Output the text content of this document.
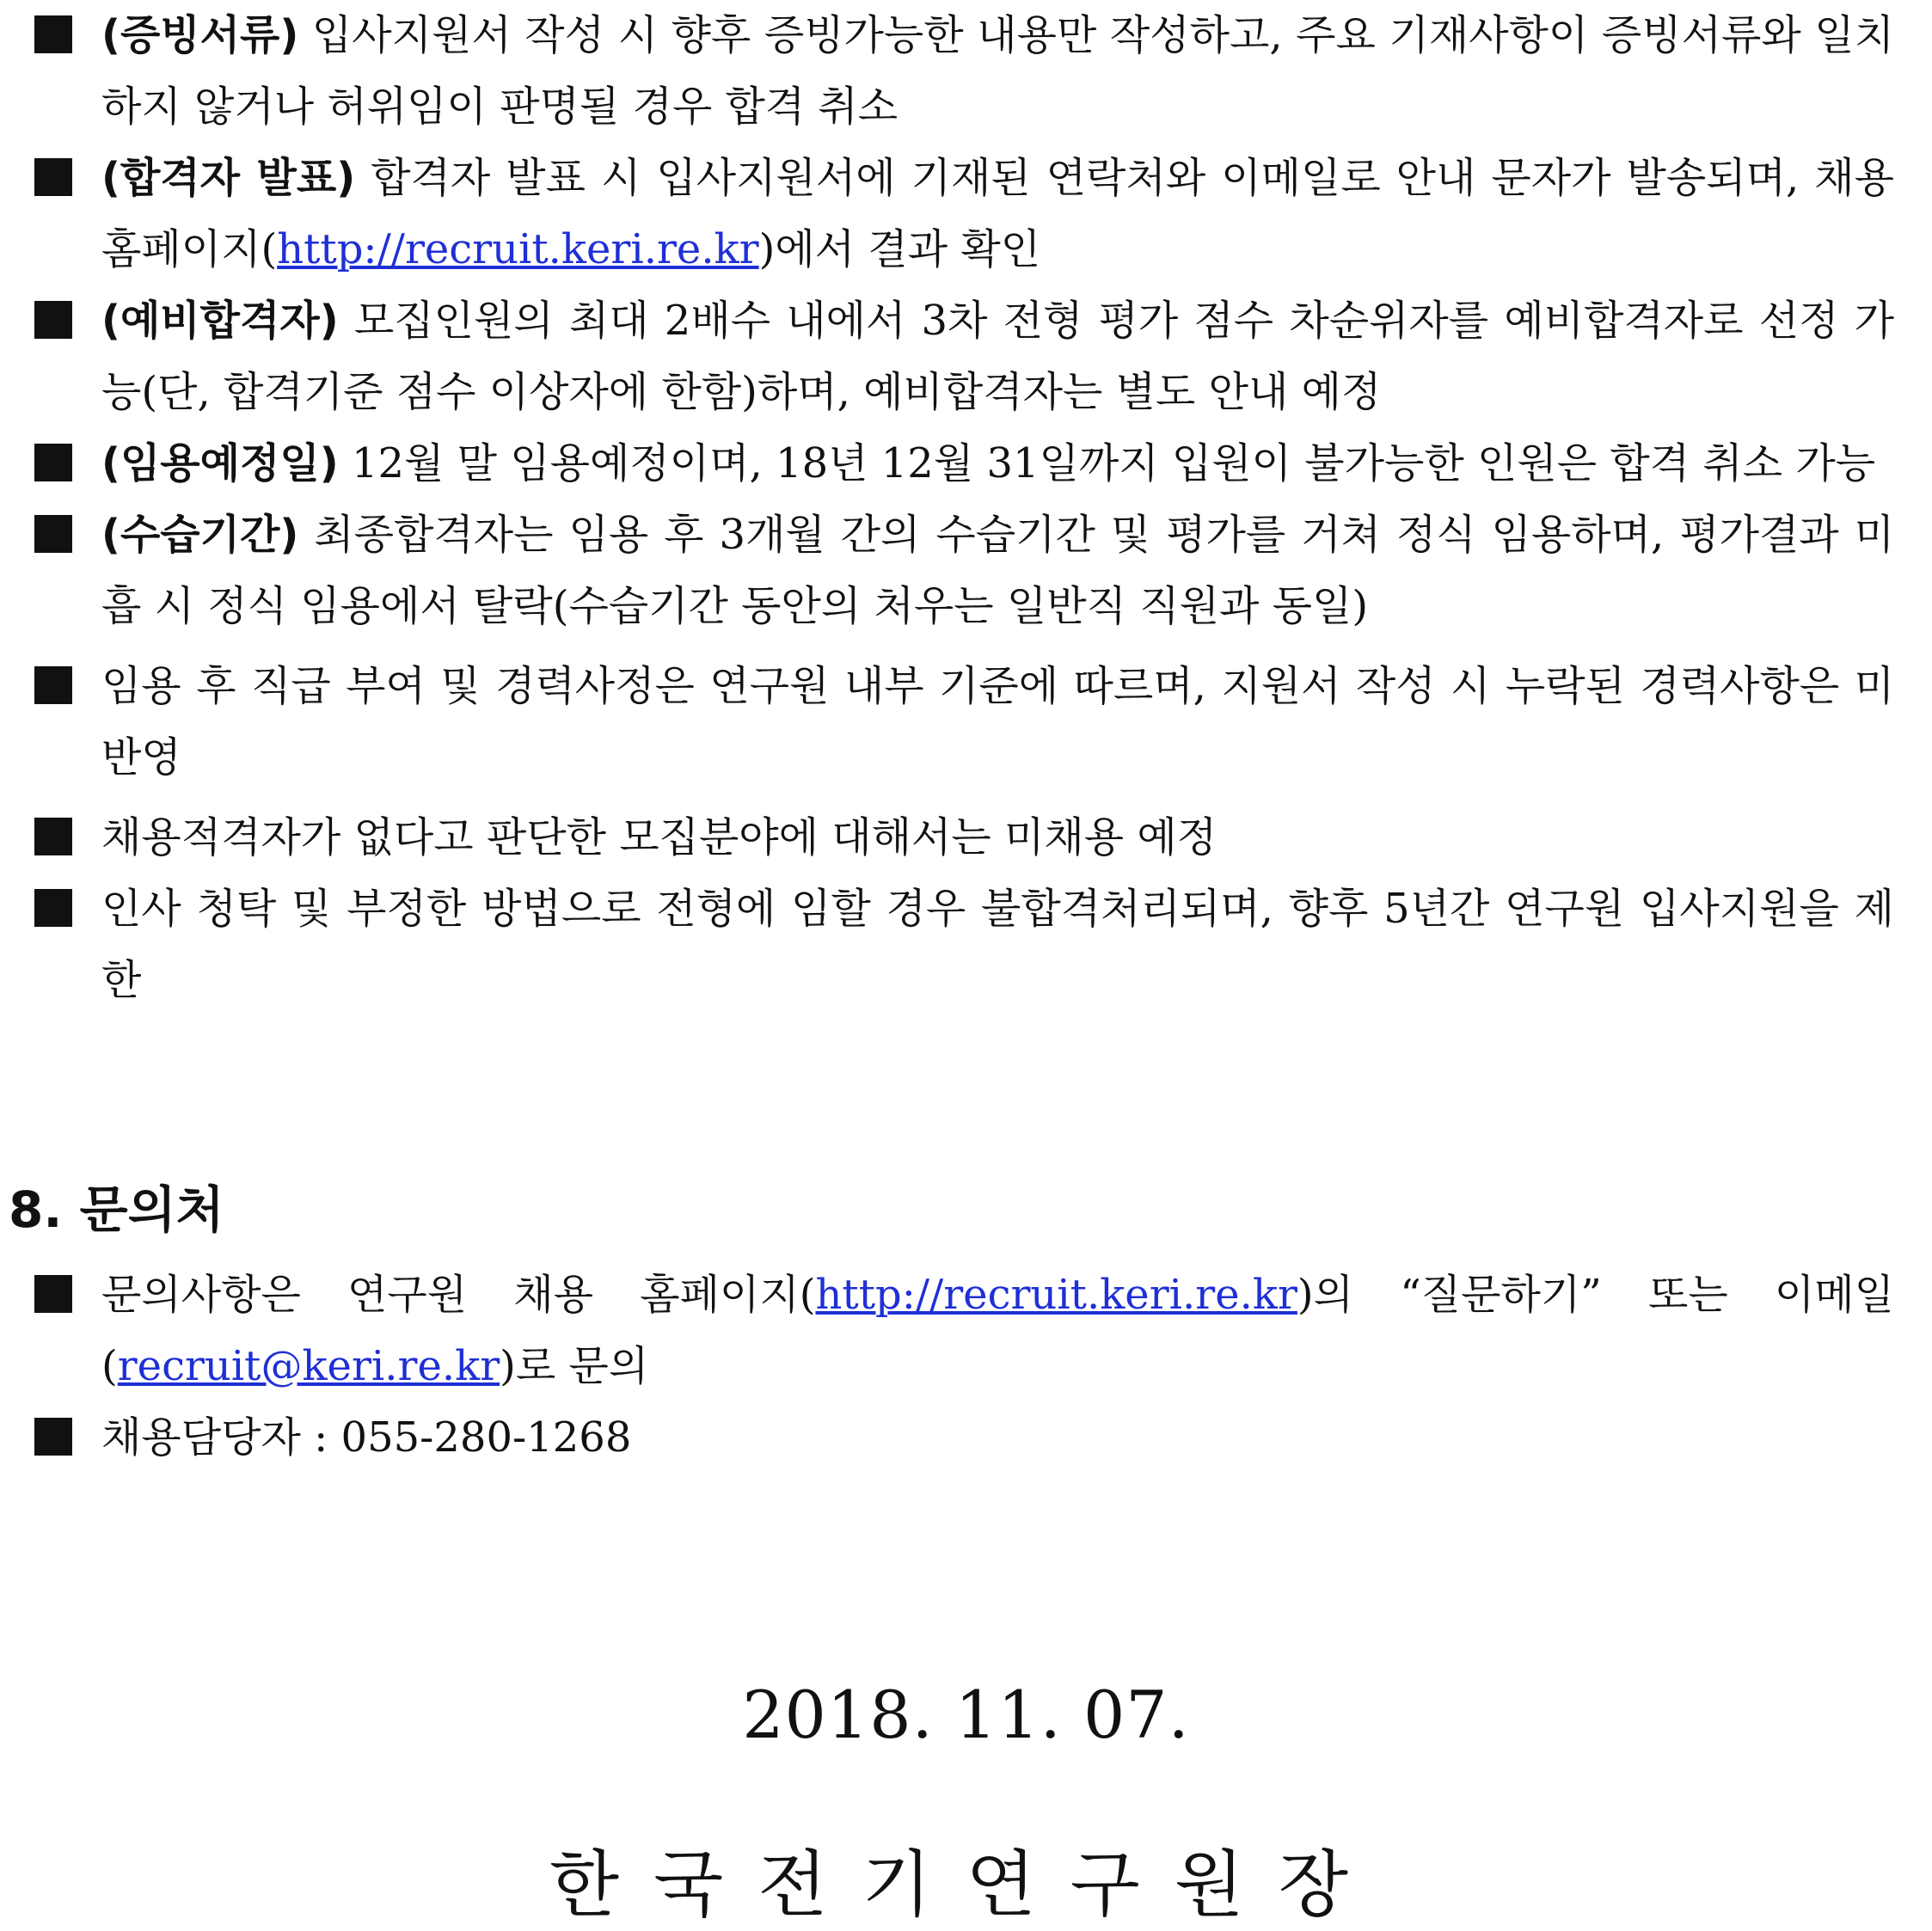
(증빙서류) 입사지원서 작성 시 향후 증빙가능한 내용만 작성하고, 주요 기재사항이 증빙서류와 일치하지 않거나 허위임이 판명될 경우 합격 취소
(합격자 발표) 합격자 발표 시 입사지원서에 기재된 연락처와 이메일로 안내 문자가 발송되며, 채용 홈페이지(http://recruit.keri.re.kr)에서 결과 확인
(예비합격자) 모집인원의 최대 2배수 내에서 3차 전형 평가 점수 차순위자를 예비합격자로 선정 가능(단, 합격기준 점수 이상자에 한함)하며, 예비합격자는 별도 안내 예정
(임용예정일) 12월 말 임용예정이며, 18년 12월 31일까지 입원이 불가능한 인원은 합격 취소 가능
(수습기간) 최종합격자는 임용 후 3개월 간의 수습기간 및 평가를 거쳐 정식 임용하며, 평가결과 미흡 시 정식 임용에서 탈락(수습기간 동안의 처우는 일반직 직원과 동일)
임용 후 직급 부여 및 경력사정은 연구원 내부 기준에 따르며, 지원서 작성 시 누락된 경력사항은 미반영
채용적격자가 없다고 판단한 모집분야에 대해서는 미채용 예정
인사 청탁 및 부정한 방법으로 전형에 임할 경우 불합격처리되며, 향후 5년간 연구원 입사지원을 제한
8. 문의처
문의사항은 연구원 채용 홈페이지(http://recruit.keri.re.kr)의 “질문하기” 또는 이메일(recruit@keri.re.kr)로 문의
채용담당자 : 055-280-1268
2018. 11. 07.
한국전기연구원장
